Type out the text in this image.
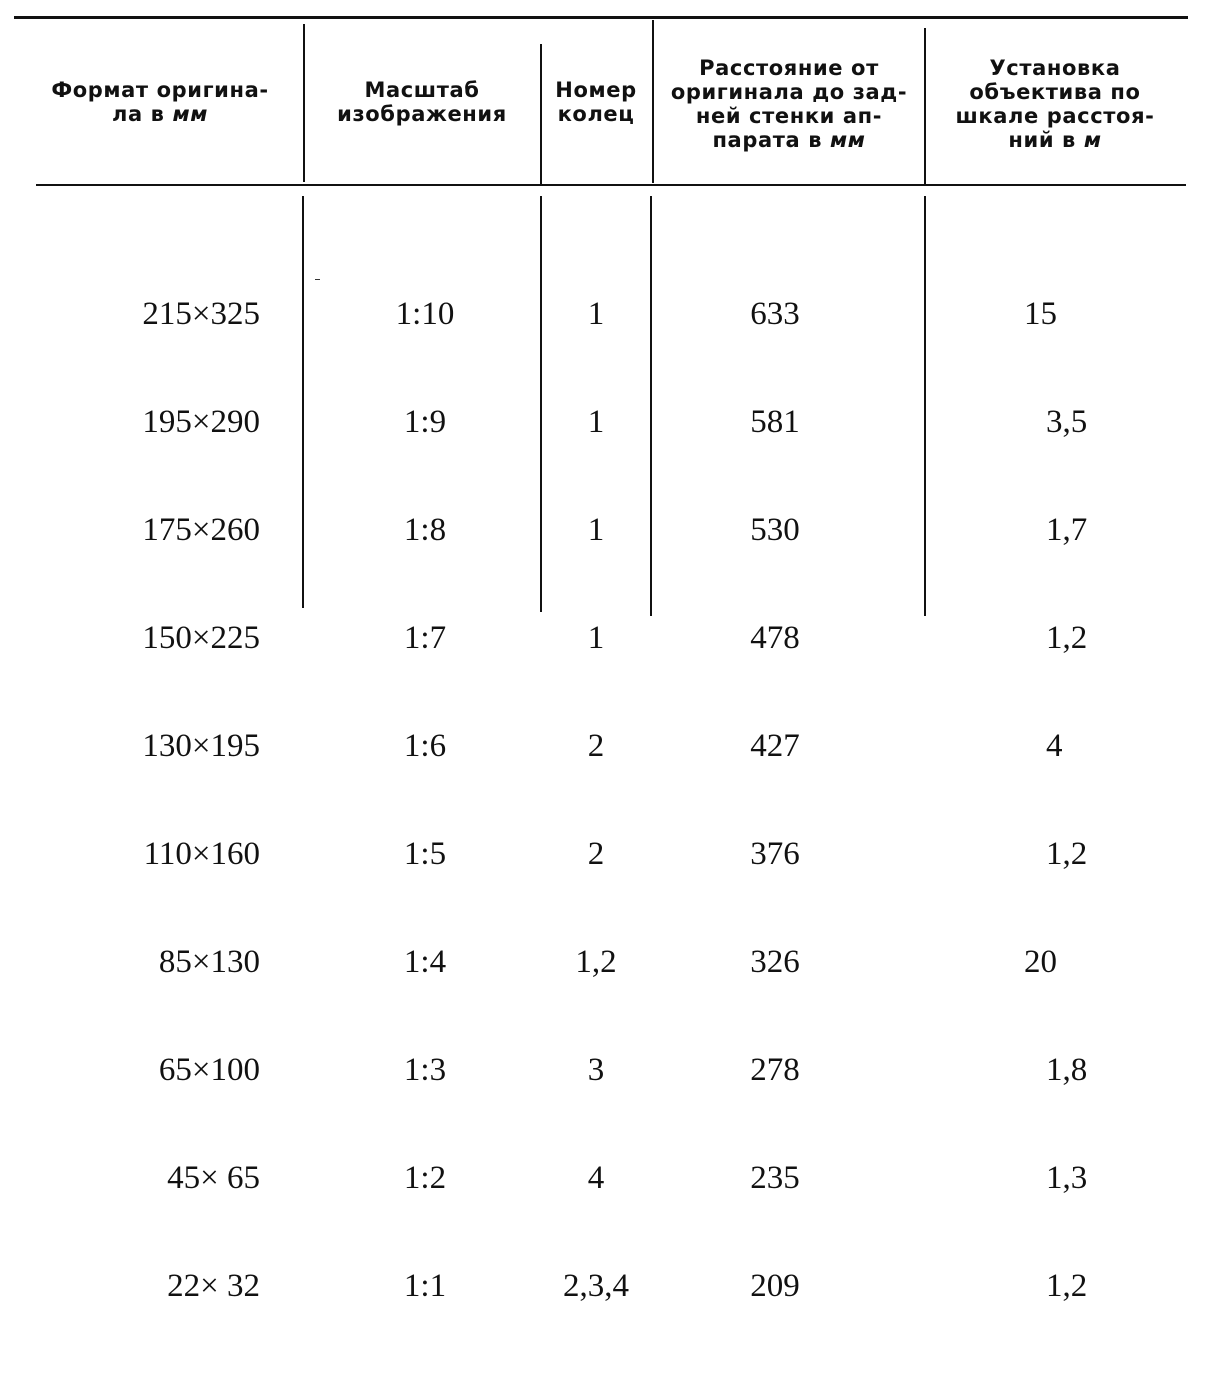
Формат оригина-
ла в мм
Масштаб
изображения
Номер
колец
Расстояние от
оригинала до зад-
ней стенки ап-
парата в мм
Установка
объектива по
шкале расстоя-
ний в м

215×325

195×290

175×260

150×225

130×195

110×160

85×130

65×100

45× 65

22× 32

1:10

1:9

1:8

1:7

1:6

1:5

1:4

1:3

1:2

1:1

1

1

1

1

2

2

1,2

3

4

2,3,4

633

581

530

478

427

376

326

278

235

209

15

3,5

1,7

1,2

4

1,2

20

1,8

1,3

1,2
